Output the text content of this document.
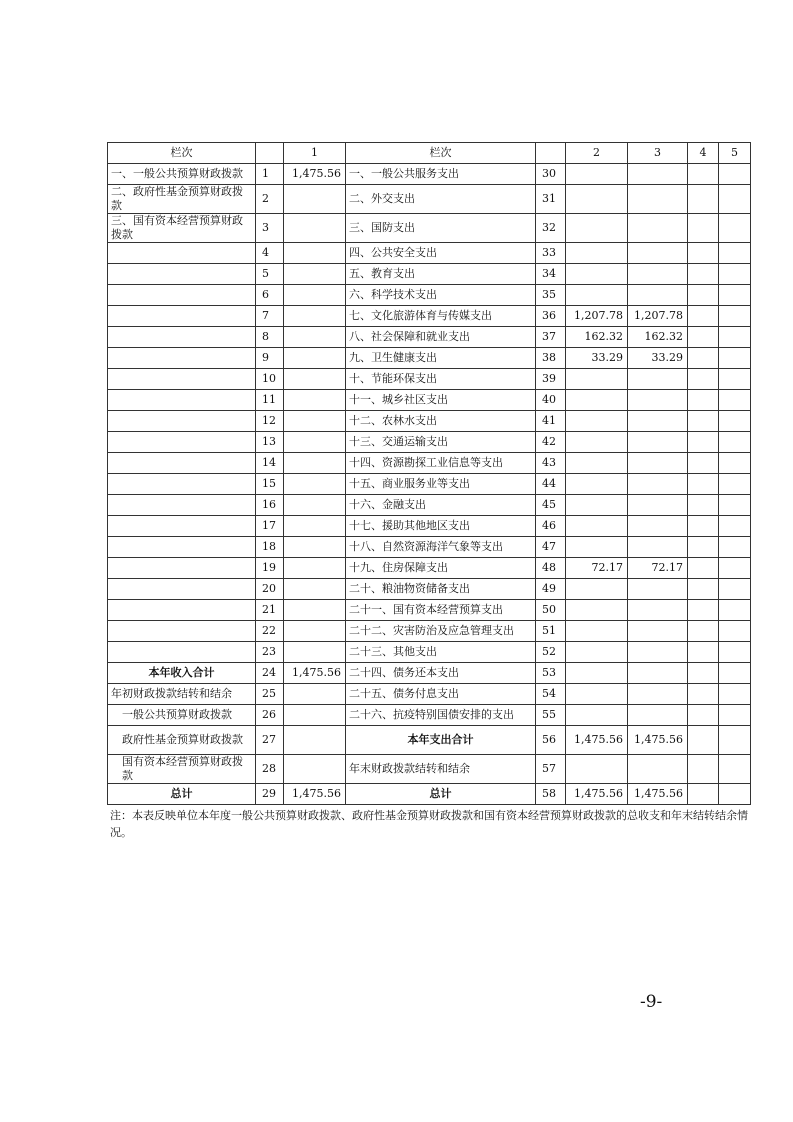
栏次		1	栏次		2	3	4	5
一、一般公共预算财政拨款	1	1,475.56	一、一般公共服务支出	30				
二、政府性基金预算财政拨款	2		二、外交支出	31				
三、国有资本经营预算财政拨款	3		三、国防支出	32				
	4		四、公共安全支出	33				
	5		五、教育支出	34				
	6		六、科学技术支出	35				
	7		七、文化旅游体育与传媒支出	36	1,207.78	1,207.78		
	8		八、社会保障和就业支出	37	162.32	162.32		
	9		九、卫生健康支出	38	33.29	33.29		
	10		十、节能环保支出	39				
	11		十一、城乡社区支出	40				
	12		十二、农林水支出	41				
	13		十三、交通运输支出	42				
	14		十四、资源勘探工业信息等支出	43				
	15		十五、商业服务业等支出	44				
	16		十六、金融支出	45				
	17		十七、援助其他地区支出	46				
	18		十八、自然资源海洋气象等支出	47				
	19		十九、住房保障支出	48	72.17	72.17		
	20		二十、粮油物资储备支出	49				
	21		二十一、国有资本经营预算支出	50				
	22		二十二、灾害防治及应急管理支出	51				
	23		二十三、其他支出	52				
本年收入合计	24	1,475.56	二十四、债务还本支出	53				
年初财政拨款结转和结余	25		二十五、债务付息支出	54				
一般公共预算财政拨款	26		二十六、抗疫特别国债安排的支出	55				
政府性基金预算财政拨款	27		本年支出合计	56	1,475.56	1,475.56		
国有资本经营预算财政拨款	28		年末财政拨款结转和结余	57				
总计	29	1,475.56	总计	58	1,475.56	1,475.56		
注：本表反映单位本年度一般公共预算财政拨款、政府性基金预算财政拨款和国有资本经营预算财政拨款的总收支和年末结转结余情况。
-9-
